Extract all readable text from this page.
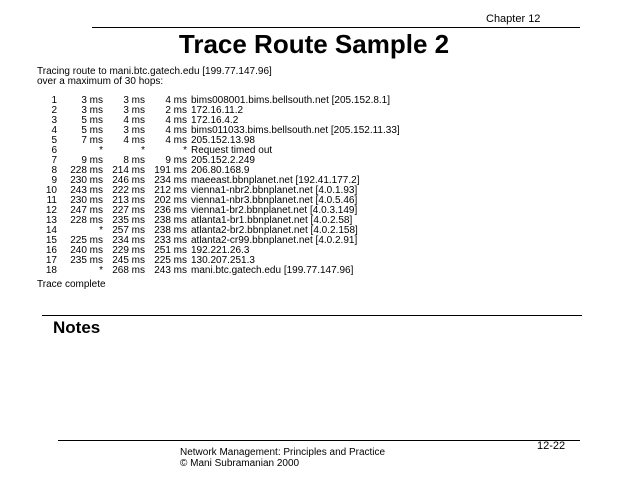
Chapter 12
Trace Route Sample 2
Tracing route to mani.btc.gatech.edu [199.77.147.96]
over a maximum of 30 hops:
1	3 ms	3 ms	4 ms bims008001.bims.bellsouth.net [205.152.8.1]
2	3 ms	3 ms	2 ms 172.16.11.2
3	5 ms	4 ms	4 ms 172.16.4.2
4	5 ms	3 ms	4 ms bims011033.bims.bellsouth.net [205.152.11.33]
5	7 ms	4 ms	4 ms 205.152.13.98
6	*	*	* Request timed out
7	9 ms	8 ms	9 ms 205.152.2.249
8	228 ms 214 ms 191 ms 206.80.168.9
9	230 ms 246 ms 234 ms maeeast.bbnplanet.net [192.41.177.2]
10	243 ms 222 ms 212 ms vienna1-nbr2.bbnplanet.net [4.0.1.93]
11	230 ms 213 ms 202 ms vienna1-nbr3.bbnplanet.net [4.0.5.46]
12	247 ms 227 ms 236 ms vienna1-br2.bbnplanet.net [4.0.3.149]
13	228 ms 235 ms 238 ms atlanta1-br1.bbnplanet.net [4.0.2.58]
14	* 257 ms 238 ms atlanta2-br2.bbnplanet.net [4.0.2.158]
15	225 ms 234 ms 233 ms atlanta2-cr99.bbnplanet.net [4.0.2.91]
16	240 ms 229 ms 251 ms 192.221.26.3
17	235 ms 245 ms 225 ms 130.207.251.3
18	* 268 ms 243 ms mani.btc.gatech.edu [199.77.147.96]
Trace complete
Notes
Network Management: Principles and Practice
© Mani Subramanian 2000
12-22
